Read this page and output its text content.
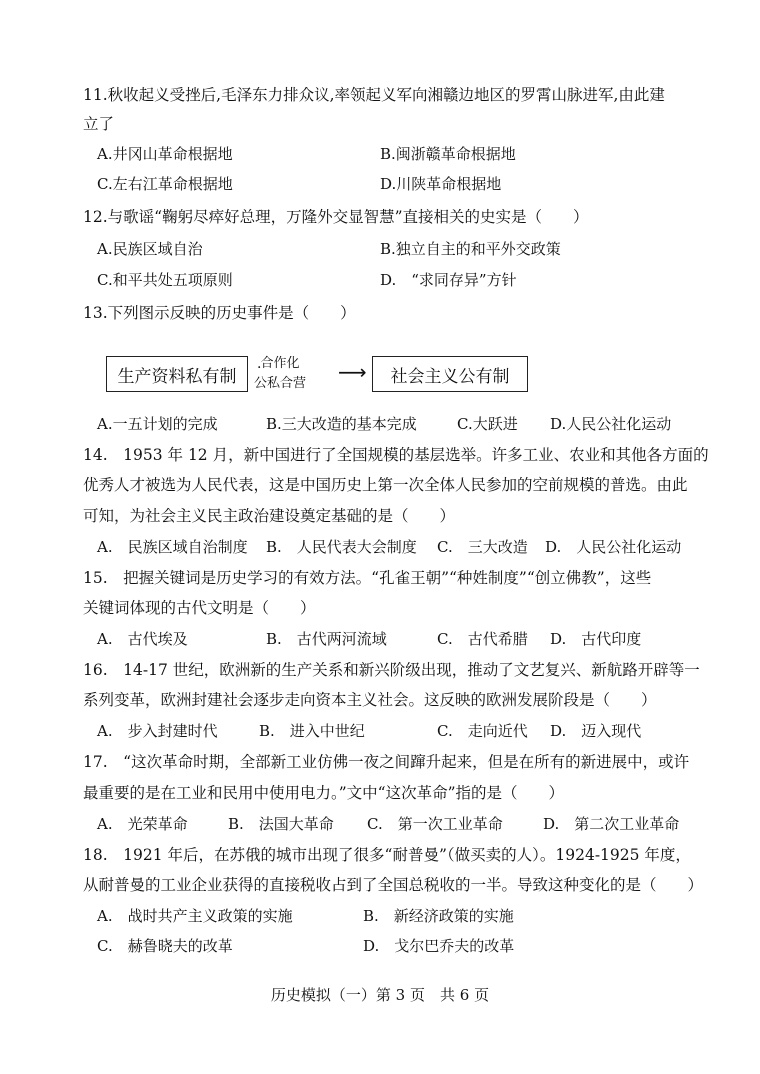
11.秋收起义受挫后,毛泽东力排众议,率领起义军向湘赣边地区的罗霄山脉进军,由此建
立了
A.井冈山革命根据地	B.闽浙赣革命根据地
C.左右江革命根据地	D.川陕革命根据地
12.与歌谣“鞠躬尽瘁好总理，万隆外交显智慧”直接相关的史实是（　　）
A.民族区域自治	B.独立自主的和平外交政策
C.和平共处五项原则	D.　“求同存异”方针
13.下列图示反映的历史事件是（　　）
生产资料私有制	· 合作化
公私合营 ⟶	社会主义公有制
A.一五计划的完成	B.三大改造的基本完成	C.大跃进 D.人民公社化运动
14.　1953 年 12 月，新中国进行了全国规模的基层选举。许多工业、农业和其他各方面的
优秀人才被选为人民代表，这是中国历史上第一次全体人民参加的空前规模的普选。由此
可知，为社会主义民主政治建设奠定基础的是（　　）
A.　民族区域自治制度 B.　人民代表大会制度 C.　三大改造 D.　人民公社化运动
15.　把握关键词是历史学习的有效方法。“孔雀王朝”“种姓制度”“创立佛教”，这些
关键词体现的古代文明是（　　）
A.　古代埃及	B.　古代两河流域	C.　古代希腊 D.　古代印度
16.　14-17 世纪，欧洲新的生产关系和新兴阶级出现，推动了文艺复兴、新航路开辟等一
系列变革，欧洲封建社会逐步走向资本主义社会。这反映的欧洲发展阶段是（　　）
A.　步入封建时代	B.　进入中世纪	C.　走向近代 D.　迈入现代
17.　“这次革命时期，全部新工业仿佛一夜之间蹿升起来，但是在所有的新进展中，或许
最重要的是在工业和民用中使用电力。”文中“这次革命”指的是（　　）
A.　光荣革命	B.　法国大革命 C.　第一次工业革命	D.　第二次工业革命
18.　1921 年后，在苏俄的城市出现了很多“耐普曼”（做买卖的人）。1924-1925 年度，
从耐普曼的工业企业获得的直接税收占到了全国总税收的一半。导致这种变化的是（　　）
A.　战时共产主义政策的实施	B.　新经济政策的实施
C.　赫鲁晓夫的改革	D.　戈尔巴乔夫的改革
历史模拟（一）第 3 页　共 6 页
